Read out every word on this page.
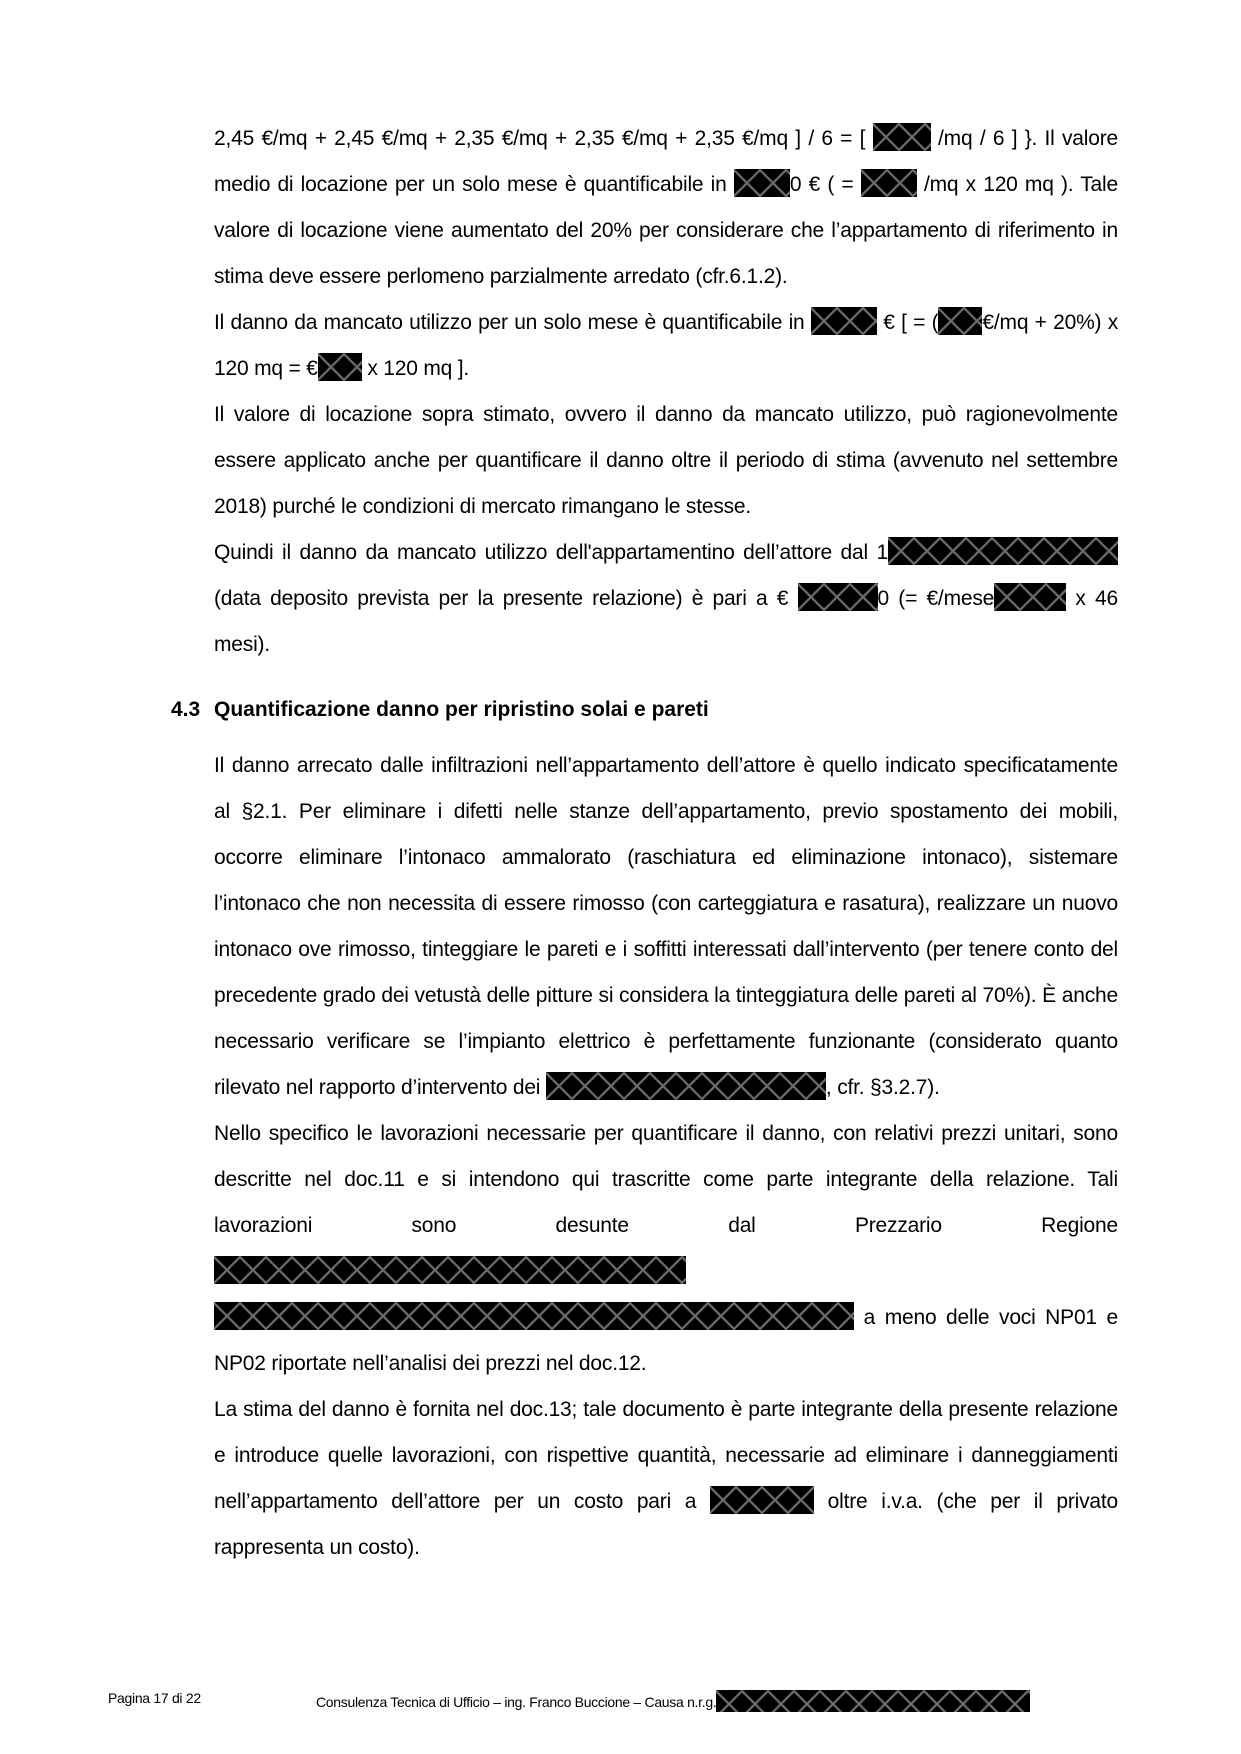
2,45 €/mq + 2,45 €/mq + 2,35 €/mq + 2,35 €/mq + 2,35 €/mq ] / 6 = [	/mq / 6 ] }. Il valore medio di locazione per un solo mese è quantificabile in	0 € ( =	/mq x 120 mq ). Tale valore di locazione viene aumentato del 20% per considerare che l’appartamento di riferimento in stima deve essere perlomeno parzialmente arredato (cfr.6.1.2).

Il danno da mancato utilizzo per un solo mese è quantificabile in	€ [ = ( €/mq + 20%) x 120 mq = € x 120 mq ].

Il valore di locazione sopra stimato, ovvero il danno da mancato utilizzo, può ragionevolmente essere applicato anche per quantificare il danno oltre il periodo di stima (avvenuto nel settembre 2018) purché le condizioni di mercato rimangano le stesse.

Quindi il danno da mancato utilizzo dell'appartamentino dell’attore dal 1 (data deposito prevista per la presente relazione) è pari a €	0 (= €/mese	x 46 mesi).

4.3 Quantificazione danno per ripristino solai e pareti

Il danno arrecato dalle infiltrazioni nell’appartamento dell’attore è quello indicato specificatamente al §2.1. Per eliminare i difetti nelle stanze dell’appartamento, previo spostamento dei mobili, occorre eliminare l’intonaco ammalorato (raschiatura ed eliminazione intonaco), sistemare l’intonaco che non necessita di essere rimosso (con carteggiatura e rasatura), realizzare un nuovo intonaco ove rimosso, tinteggiare le pareti e i soffitti interessati dall’intervento (per tenere conto del precedente grado dei vetustà delle pitture si considera la tinteggiatura delle pareti al 70%). È anche necessario verificare se l’impianto elettrico è perfettamente funzionante (considerato quanto rilevato nel rapporto d’intervento dei	, cfr. §3.2.7).

Nello specifico le lavorazioni necessarie per quantificare il danno, con relativi prezzi unitari, sono descritte nel doc.11 e si intendono qui trascritte come parte integrante della relazione. Tali lavorazioni sono desunte dal Prezzario Regione   a meno delle voci NP01 e NP02 riportate nell’analisi dei prezzi nel doc.12.

La stima del danno è fornita nel doc.13; tale documento è parte integrante della presente relazione e introduce quelle lavorazioni, con rispettive quantità, necessarie ad eliminare i danneggiamenti nell’appartamento dell’attore per un costo pari a	oltre i.v.a. (che per il privato rappresenta un costo).

Pagina 17 di 22	Consulenza Tecnica di Ufficio – ing. Franco Buccione – Causa n.r.g.
